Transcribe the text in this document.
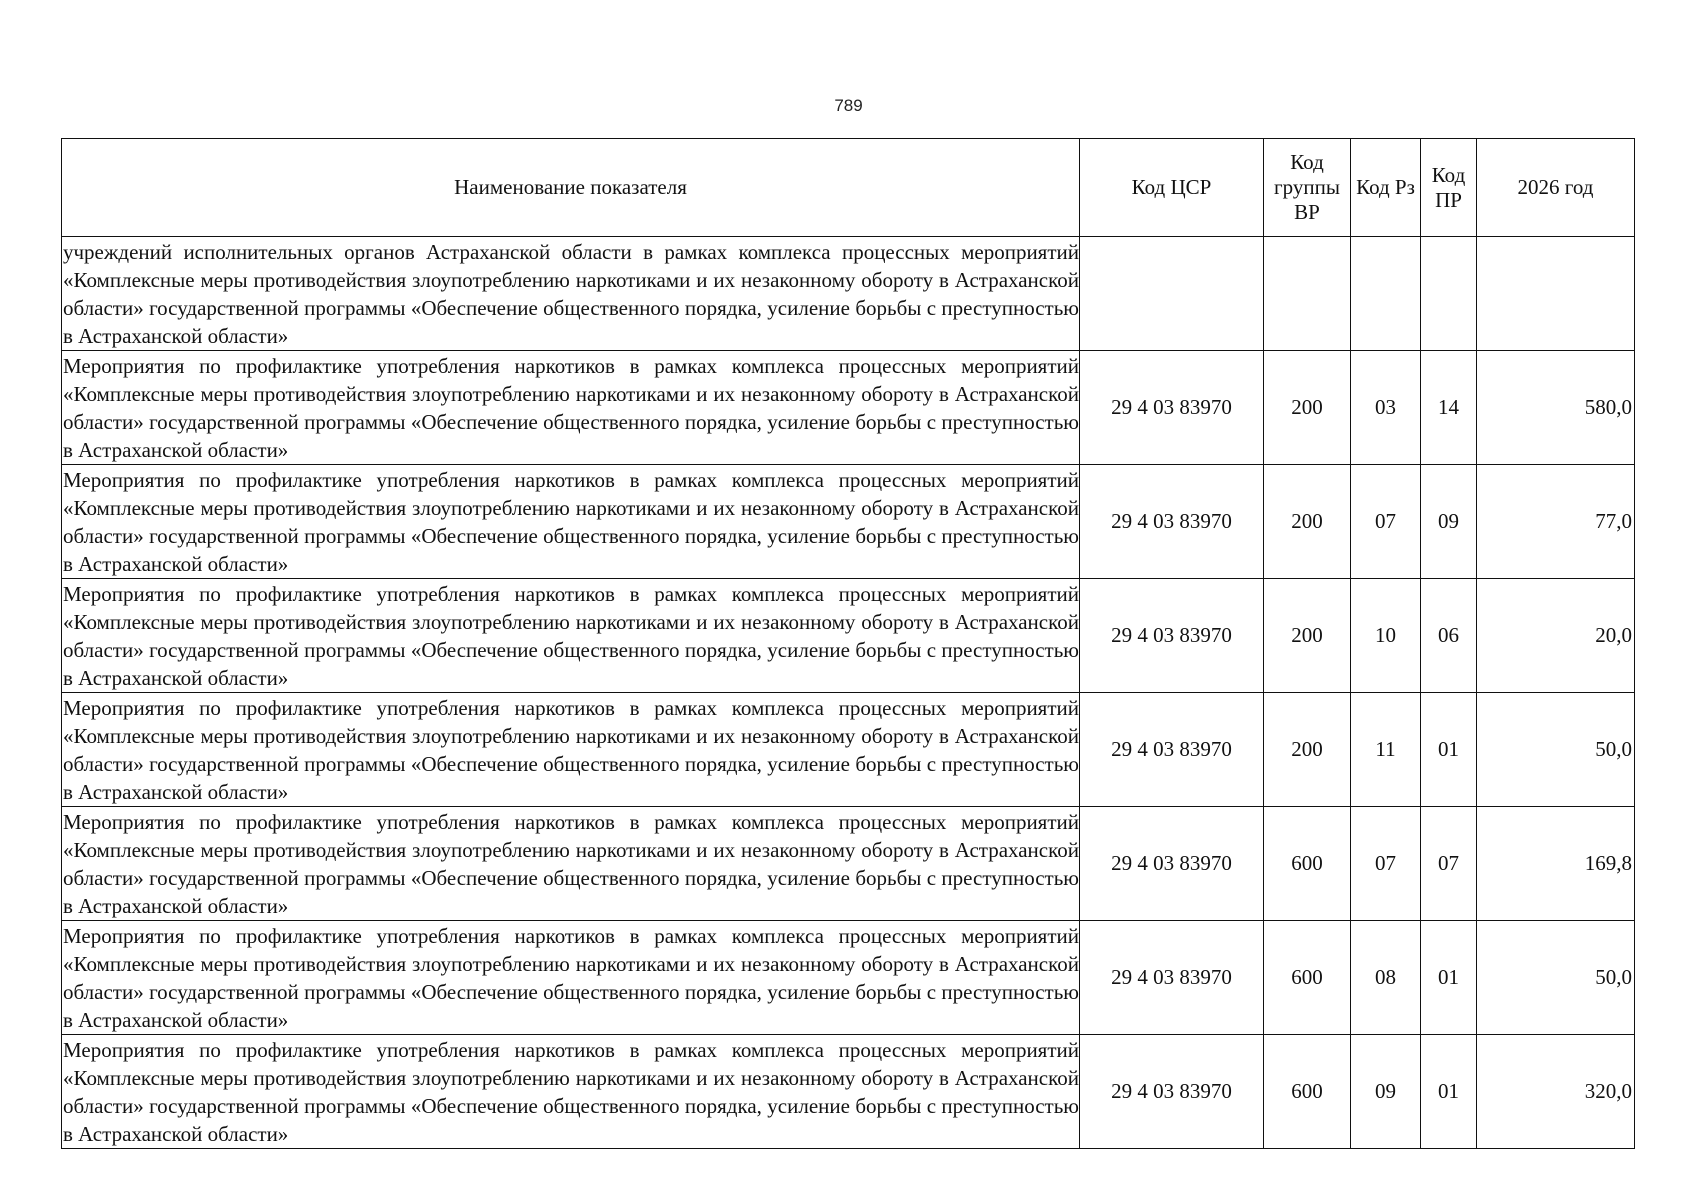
789
Наименование показателя	Код ЦСР	Код группы ВР	Код Рз	Код ПР	2026 год
учреждений исполнительных органов Астраханской области в рамках комплекса процессных мероприятий «Комплексные меры противодействия злоупотреблению наркотиками и их незаконному обороту в Астраханской области» государственной программы «Обеспечение общественного порядка, усиление борьбы с преступностью в Астраханской области»					
Мероприятия по профилактике употребления наркотиков в рамках комплекса процессных мероприятий «Комплексные меры противодействия злоупотреблению наркотиками и их незаконному обороту в Астраханской области» государственной программы «Обеспечение общественного порядка, усиление борьбы с преступностью в Астраханской области»	29 4 03 83970	200	03	14	580,0
Мероприятия по профилактике употребления наркотиков в рамках комплекса процессных мероприятий «Комплексные меры противодействия злоупотреблению наркотиками и их незаконному обороту в Астраханской области» государственной программы «Обеспечение общественного порядка, усиление борьбы с преступностью в Астраханской области»	29 4 03 83970	200	07	09	77,0
Мероприятия по профилактике употребления наркотиков в рамках комплекса процессных мероприятий «Комплексные меры противодействия злоупотреблению наркотиками и их незаконному обороту в Астраханской области» государственной программы «Обеспечение общественного порядка, усиление борьбы с преступностью в Астраханской области»	29 4 03 83970	200	10	06	20,0
Мероприятия по профилактике употребления наркотиков в рамках комплекса процессных мероприятий «Комплексные меры противодействия злоупотреблению наркотиками и их незаконному обороту в Астраханской области» государственной программы «Обеспечение общественного порядка, усиление борьбы с преступностью в Астраханской области»	29 4 03 83970	200	11	01	50,0
Мероприятия по профилактике употребления наркотиков в рамках комплекса процессных мероприятий «Комплексные меры противодействия злоупотреблению наркотиками и их незаконному обороту в Астраханской области» государственной программы «Обеспечение общественного порядка, усиление борьбы с преступностью в Астраханской области»	29 4 03 83970	600	07	07	169,8
Мероприятия по профилактике употребления наркотиков в рамках комплекса процессных мероприятий «Комплексные меры противодействия злоупотреблению наркотиками и их незаконному обороту в Астраханской области» государственной программы «Обеспечение общественного порядка, усиление борьбы с преступностью в Астраханской области»	29 4 03 83970	600	08	01	50,0
Мероприятия по профилактике употребления наркотиков в рамках комплекса процессных мероприятий «Комплексные меры противодействия злоупотреблению наркотиками и их незаконному обороту в Астраханской области» государственной программы «Обеспечение общественного порядка, усиление борьбы с преступностью в Астраханской области»	29 4 03 83970	600	09	01	320,0
